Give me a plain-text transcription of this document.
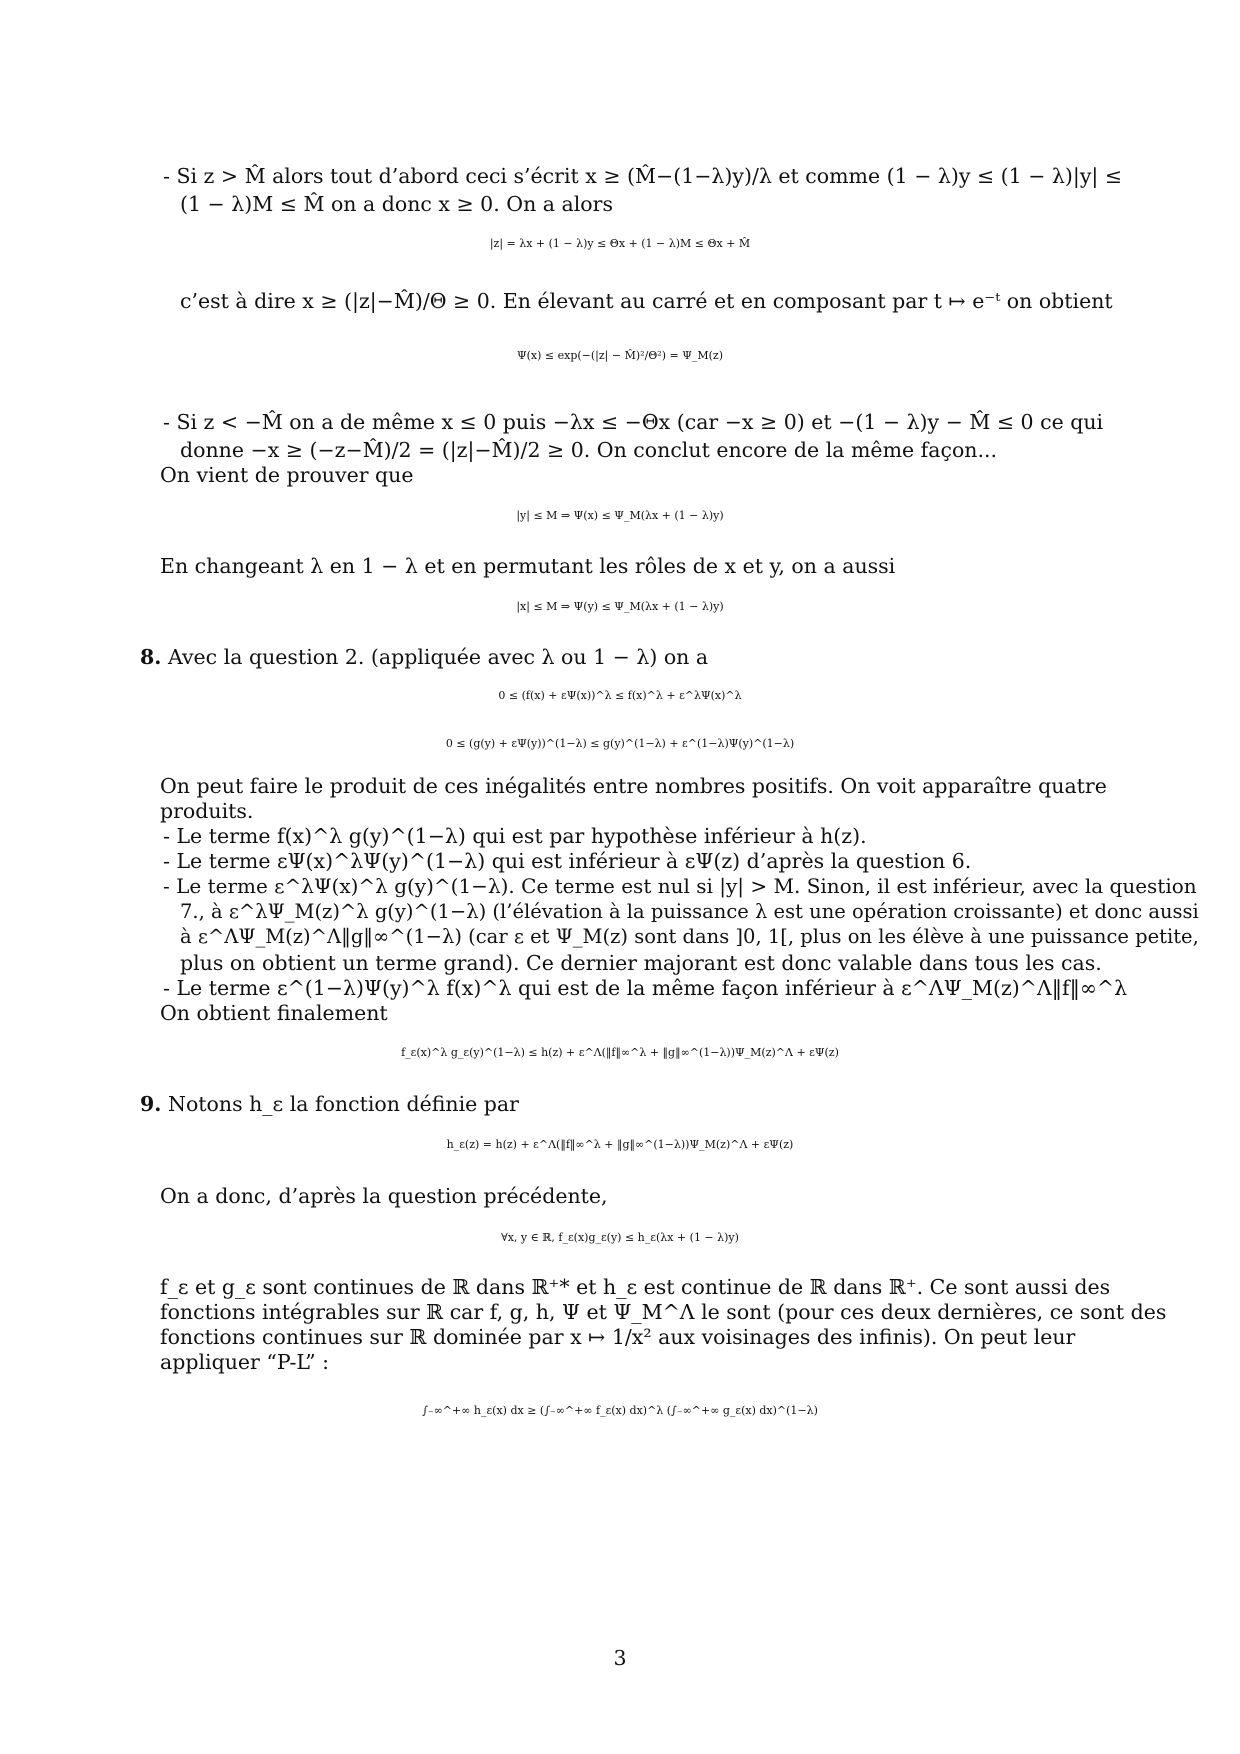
- Si z > M̂ alors tout d’abord ceci s’écrit x ≥ (M̂−(1−λ)y)/λ et comme (1 − λ)y ≤ (1 − λ)|y| ≤
(1 − λ)M ≤ M̂ on a donc x ≥ 0. On a alors
|z| = λx + (1 − λ)y ≤ Θx + (1 − λ)M ≤ Θx + M̂
c’est à dire x ≥ (|z|−M̂)/Θ ≥ 0. En élevant au carré et en composant par t ↦ e⁻ᵗ on obtient
Ψ(x) ≤ exp(−(|z| − M̂)²/Θ²) = Ψ_M(z)
- Si z < −M̂ on a de même x ≤ 0 puis −λx ≤ −Θx (car −x ≥ 0) et −(1 − λ)y − M̂ ≤ 0 ce qui
donne −x ≥ (−z−M̂)/2 = (|z|−M̂)/2 ≥ 0. On conclut encore de la même façon...
On vient de prouver que
|y| ≤ M ⇒ Ψ(x) ≤ Ψ_M(λx + (1 − λ)y)
En changeant λ en 1 − λ et en permutant les rôles de x et y, on a aussi
|x| ≤ M ⇒ Ψ(y) ≤ Ψ_M(λx + (1 − λ)y)
8. Avec la question 2. (appliquée avec λ ou 1 − λ) on a
0 ≤ (f(x) + εΨ(x))^λ ≤ f(x)^λ + ε^λΨ(x)^λ
0 ≤ (g(y) + εΨ(y))^(1−λ) ≤ g(y)^(1−λ) + ε^(1−λ)Ψ(y)^(1−λ)
On peut faire le produit de ces inégalités entre nombres positifs. On voit apparaître quatre
produits.
- Le terme f(x)^λ g(y)^(1−λ) qui est par hypothèse inférieur à h(z).
- Le terme εΨ(x)^λΨ(y)^(1−λ) qui est inférieur à εΨ(z) d’après la question 6.
- Le terme ε^λΨ(x)^λ g(y)^(1−λ). Ce terme est nul si |y| > M. Sinon, il est inférieur, avec la question
7., à ε^λΨ_M(z)^λ g(y)^(1−λ) (l’élévation à la puissance λ est une opération croissante) et donc aussi
à ε^ΛΨ_M(z)^Λ‖g‖∞^(1−λ) (car ε et Ψ_M(z) sont dans ]0, 1[, plus on les élève à une puissance petite,
plus on obtient un terme grand). Ce dernier majorant est donc valable dans tous les cas.
- Le terme ε^(1−λ)Ψ(y)^λ f(x)^λ qui est de la même façon inférieur à ε^ΛΨ_M(z)^Λ‖f‖∞^λ
On obtient finalement
f_ε(x)^λ g_ε(y)^(1−λ) ≤ h(z) + ε^Λ(‖f‖∞^λ + ‖g‖∞^(1−λ))Ψ_M(z)^Λ + εΨ(z)
9. Notons h_ε la fonction définie par
h_ε(z) = h(z) + ε^Λ(‖f‖∞^λ + ‖g‖∞^(1−λ))Ψ_M(z)^Λ + εΨ(z)
On a donc, d’après la question précédente,
∀x, y ∈ ℝ, f_ε(x)g_ε(y) ≤ h_ε(λx + (1 − λ)y)
f_ε et g_ε sont continues de ℝ dans ℝ⁺* et h_ε est continue de ℝ dans ℝ⁺. Ce sont aussi des
fonctions intégrables sur ℝ car f, g, h, Ψ et Ψ_M^Λ le sont (pour ces deux dernières, ce sont des
fonctions continues sur ℝ dominée par x ↦ 1/x² aux voisinages des infinis). On peut leur
appliquer “P-L” :
∫₋∞^+∞ h_ε(x) dx ≥ (∫₋∞^+∞ f_ε(x) dx)^λ (∫₋∞^+∞ g_ε(x) dx)^(1−λ)
3
